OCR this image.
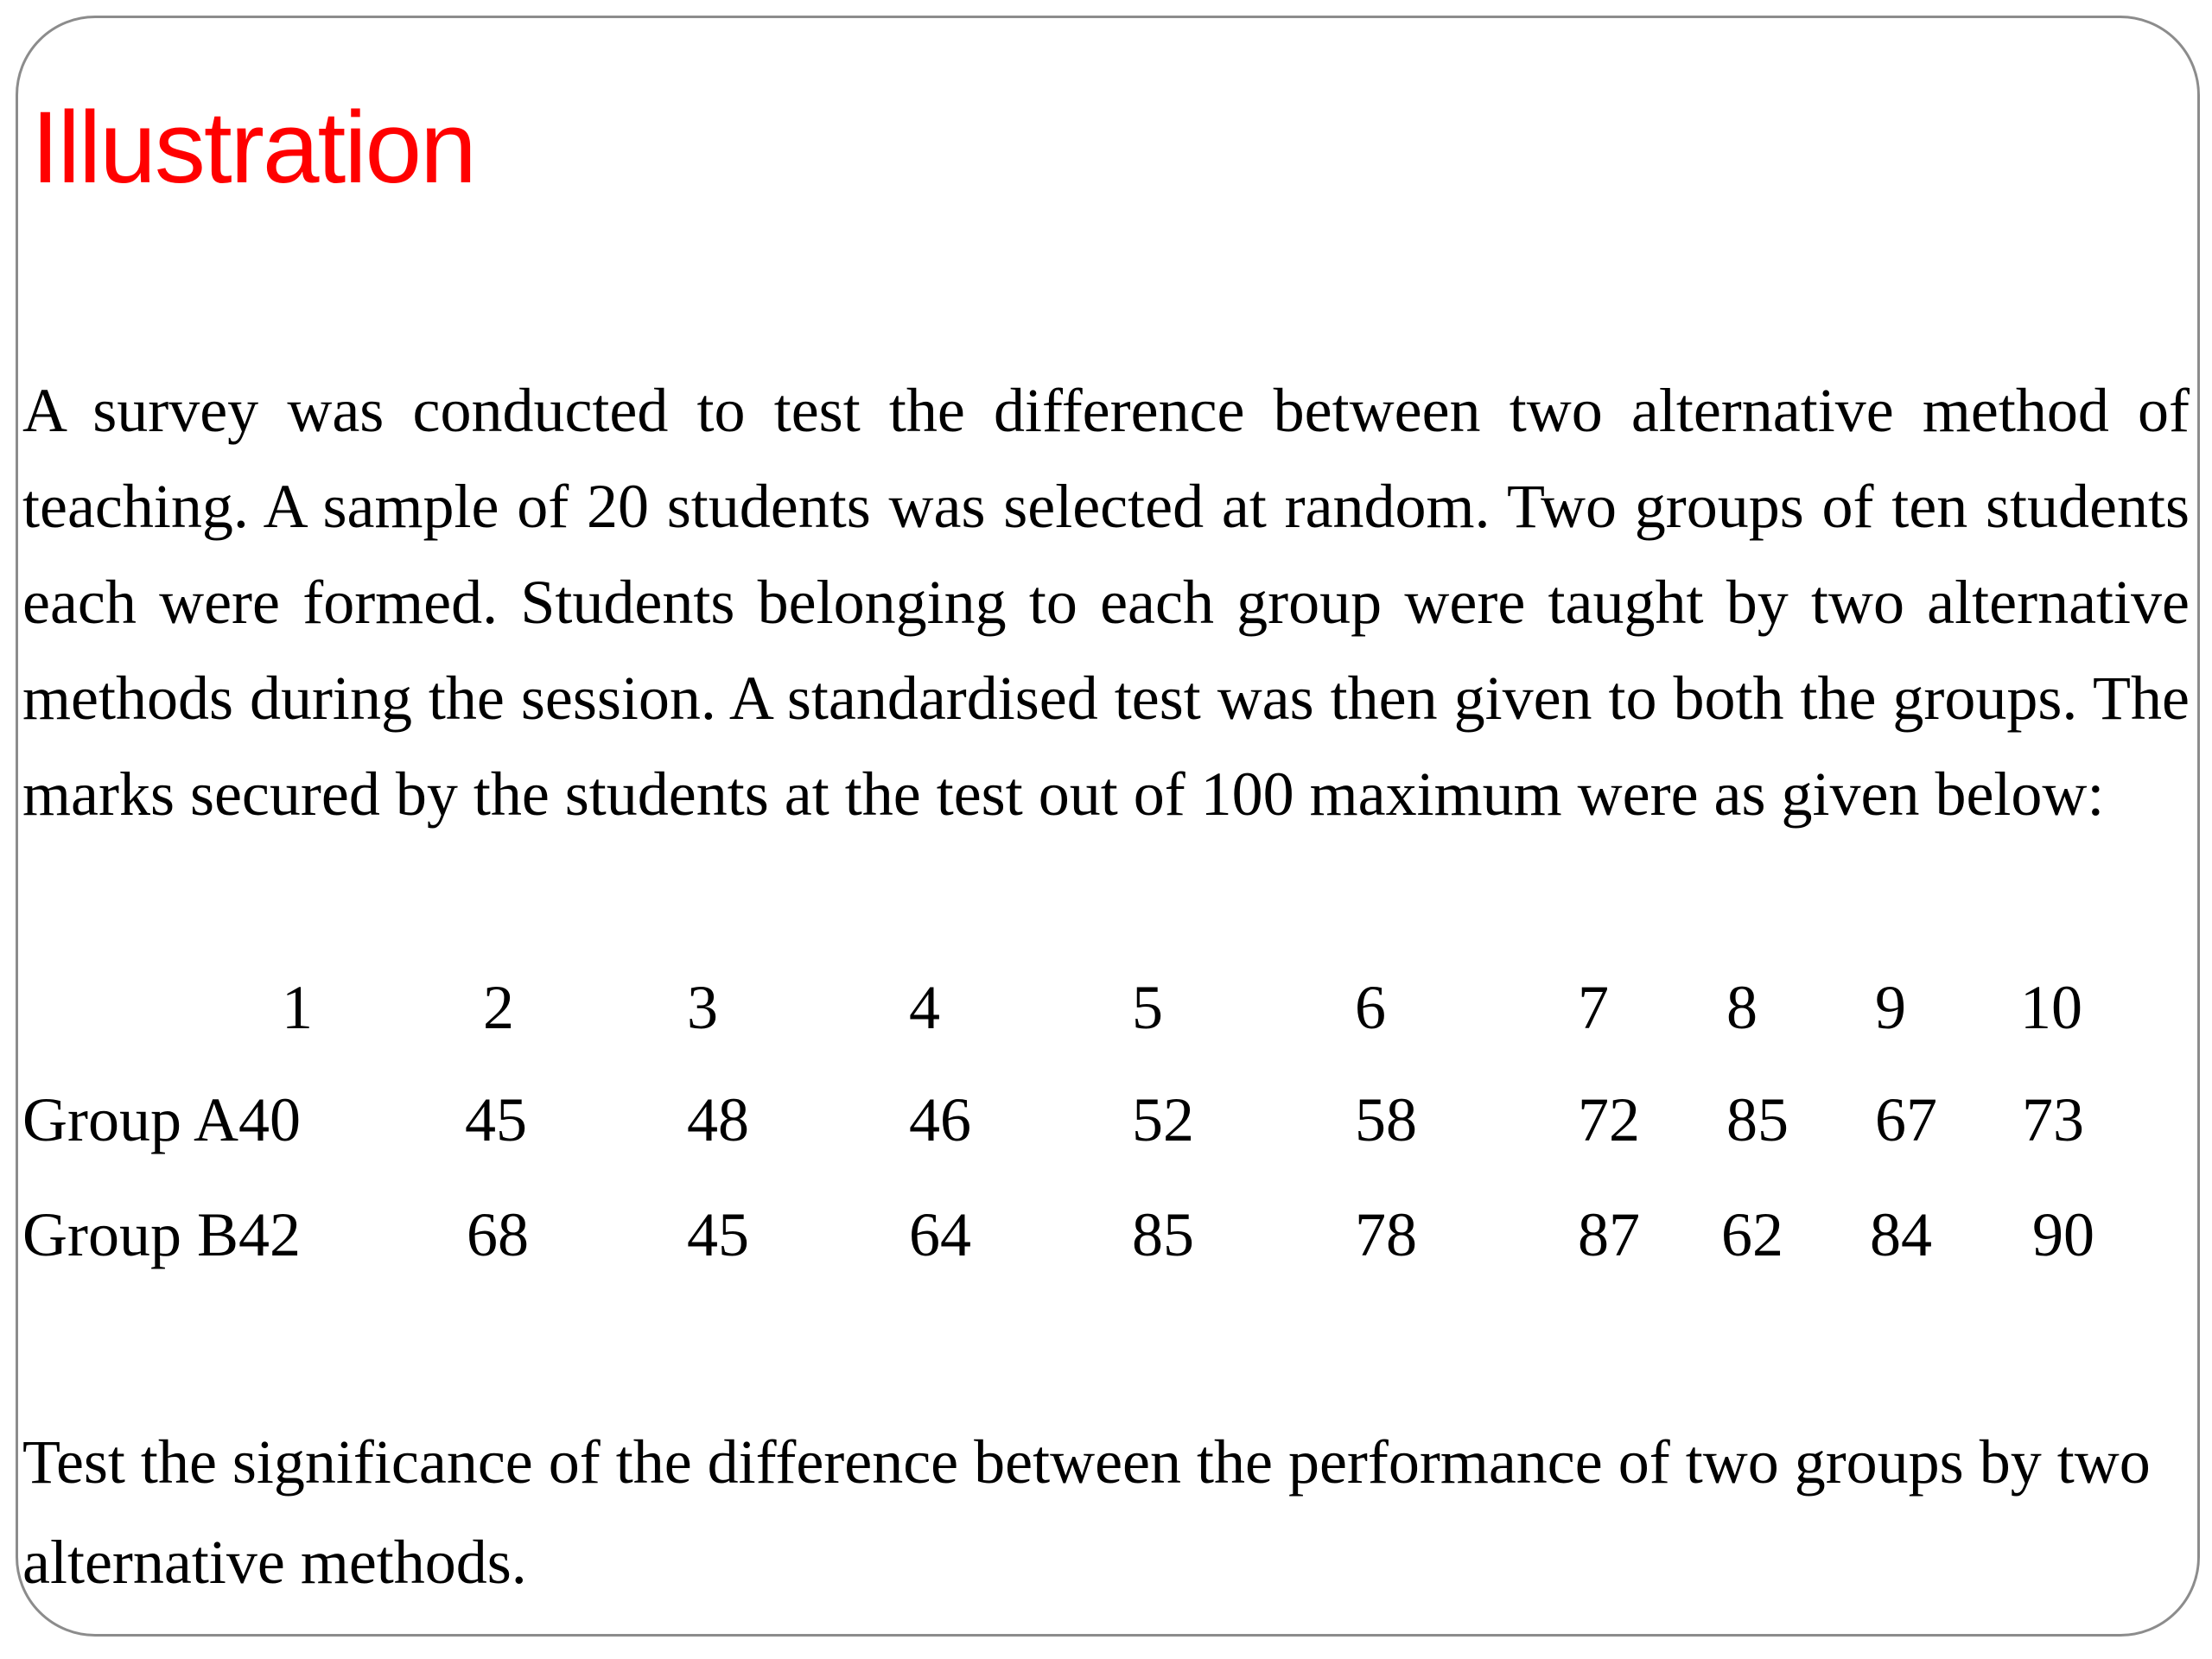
Illustration

A survey was conducted to test the difference between two alternative method of teaching. A sample of 20 students was selected at random. Two groups of ten students each were formed. Students belonging to each group were taught by two alternative methods during the session. A standardised test was then given to both the groups. The marks secured by the students at the test out of 100 maximum were as given below:

1	2	3	4	5	6	7 8 9 10
Group A40	45	48	46	52	58	72 85 67 73
Group B42	68	45	64	85	78	87 62 84 90

Test the significance of the difference between the performance of two groups by two alternative methods.
